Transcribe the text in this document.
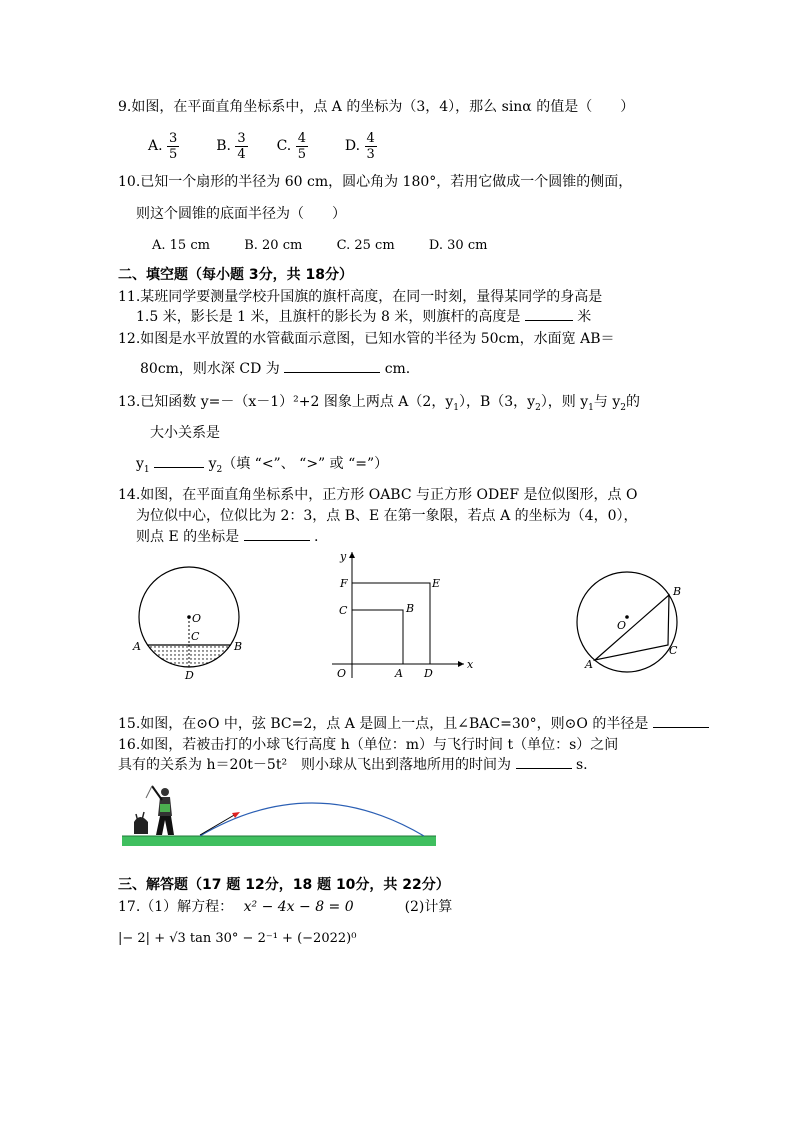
9.如图，在平面直角坐标系中，点 A 的坐标为（3，4），那么 sinα 的值是（　　）
A. $\frac{3}{5}$	B. $\frac{3}{4} C$. $\frac{4}{5}$	D. $\frac{4}{3}$
10.已知一个扇形的半径为 60 cm，圆心角为 180°，若用它做成一个圆锥的侧面，
则这个圆锥的底面半径为（　　）
A. 15 cm	B. 20 cm	C. 25 cm	D. 30 cm
二、填空题（每小题 3分，共 18分）
11.某班同学要测量学校升国旗的旗杆高度，在同一时刻，量得某同学的身高是
1.5 米，影长是 1 米，且旗杆的影长为 8 米，则旗杆的高度是	米
12.如图是水平放置的水管截面示意图，已知水管的半径为 50cm，水面宽 AB＝
80cm，则水深 CD 为	cm.
13.已知函数 y=－（x－1）²+2 图象上两点 A（2，$y_1$），B（3，$y_2$），则 $y_1$与 $y_2$的
大小关系是
$y_1$	$y_2$（填 “<”、 “>” 或 “=”）
14.如图，在平面直角坐标系中，正方形 OABC 与正方形 ODEF 是位似图形，点 O
为位似中心，位似比为 2：3，点 B、E 在第一象限，若点 A 的坐标为（4，0），
则点 E 的坐标是	.
O
C
A	B
D
y
x
F	E
C	B
O	A D
B
O
C
A
15.如图，在⊙O 中，弦 BC=2，点 A 是圆上一点，且∠BAC=30°，则⊙O 的半径是
16.如图，若被击打的小球飞行高度 h（单位：m）与飞行时间 t（单位：s）之间
具有的关系为 h＝20t－5t²　则小球从飞出到落地所用的时间为	s.
三、解答题（17 题 12分，18 题 10分，共 22分）
17.（1）解方程： x² − 4x − 8 = 0	(2)计算
|− 2| + √3 tan 30° − 2⁻¹ + (−2022)⁰
